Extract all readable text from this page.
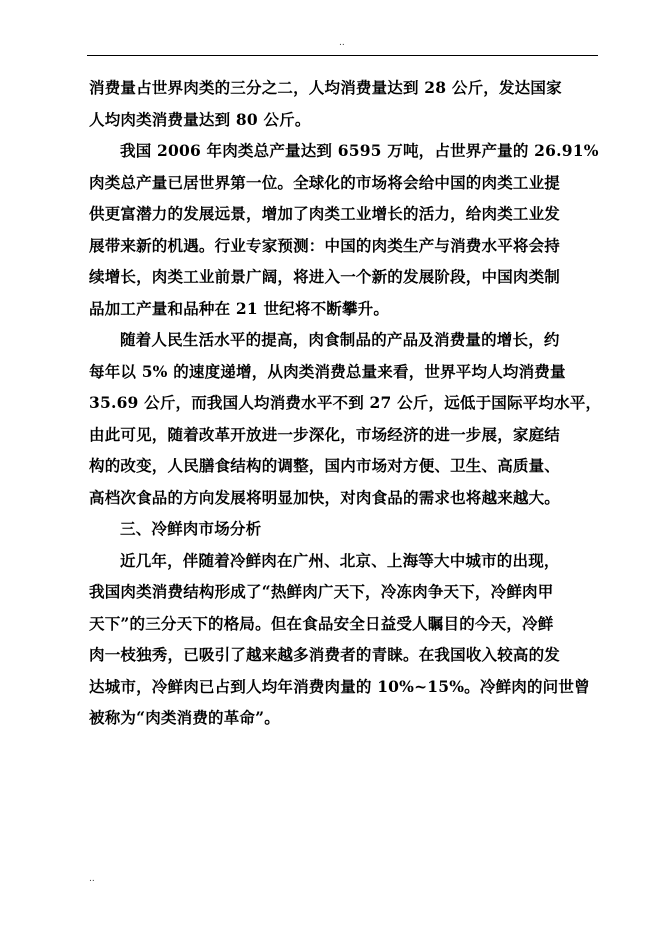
..
消费量占世界肉类的三分之二，人均消费量达到 28 公斤，发达国家
人均肉类消费量达到 80 公斤。
我国 2006 年肉类总产量达到 6595 万吨，占世界产量的 26.91%
肉类总产量已居世界第一位。全球化的市场将会给中国的肉类工业提
供更富潜力的发展远景，增加了肉类工业增长的活力，给肉类工业发
展带来新的机遇。行业专家预测：中国的肉类生产与消费水平将会持
续增长，肉类工业前景广阔，将进入一个新的发展阶段，中国肉类制
品加工产量和品种在 21 世纪将不断攀升。
随着人民生活水平的提高，肉食制品的产品及消费量的增长，约
每年以 5% 的速度递增，从肉类消费总量来看，世界平均人均消费量
35.69 公斤，而我国人均消费水平不到 27 公斤，远低于国际平均水平，
由此可见，随着改革开放进一步深化，市场经济的进一步展，家庭结
构的改变，人民膳食结构的调整，国内市场对方便、卫生、高质量、
高档次食品的方向发展将明显加快，对肉食品的需求也将越来越大。
三、冷鲜肉市场分析
近几年，伴随着冷鲜肉在广州、北京、上海等大中城市的出现，
我国肉类消费结构形成了“热鲜肉广天下，冷冻肉争天下，冷鲜肉甲
天下”的三分天下的格局。但在食品安全日益受人瞩目的今天，冷鲜
肉一枝独秀，已吸引了越来越多消费者的青睐。在我国收入较高的发
达城市，冷鲜肉已占到人均年消费肉量的 10%~15%。冷鲜肉的问世曾
被称为“肉类消费的革命”。
..
